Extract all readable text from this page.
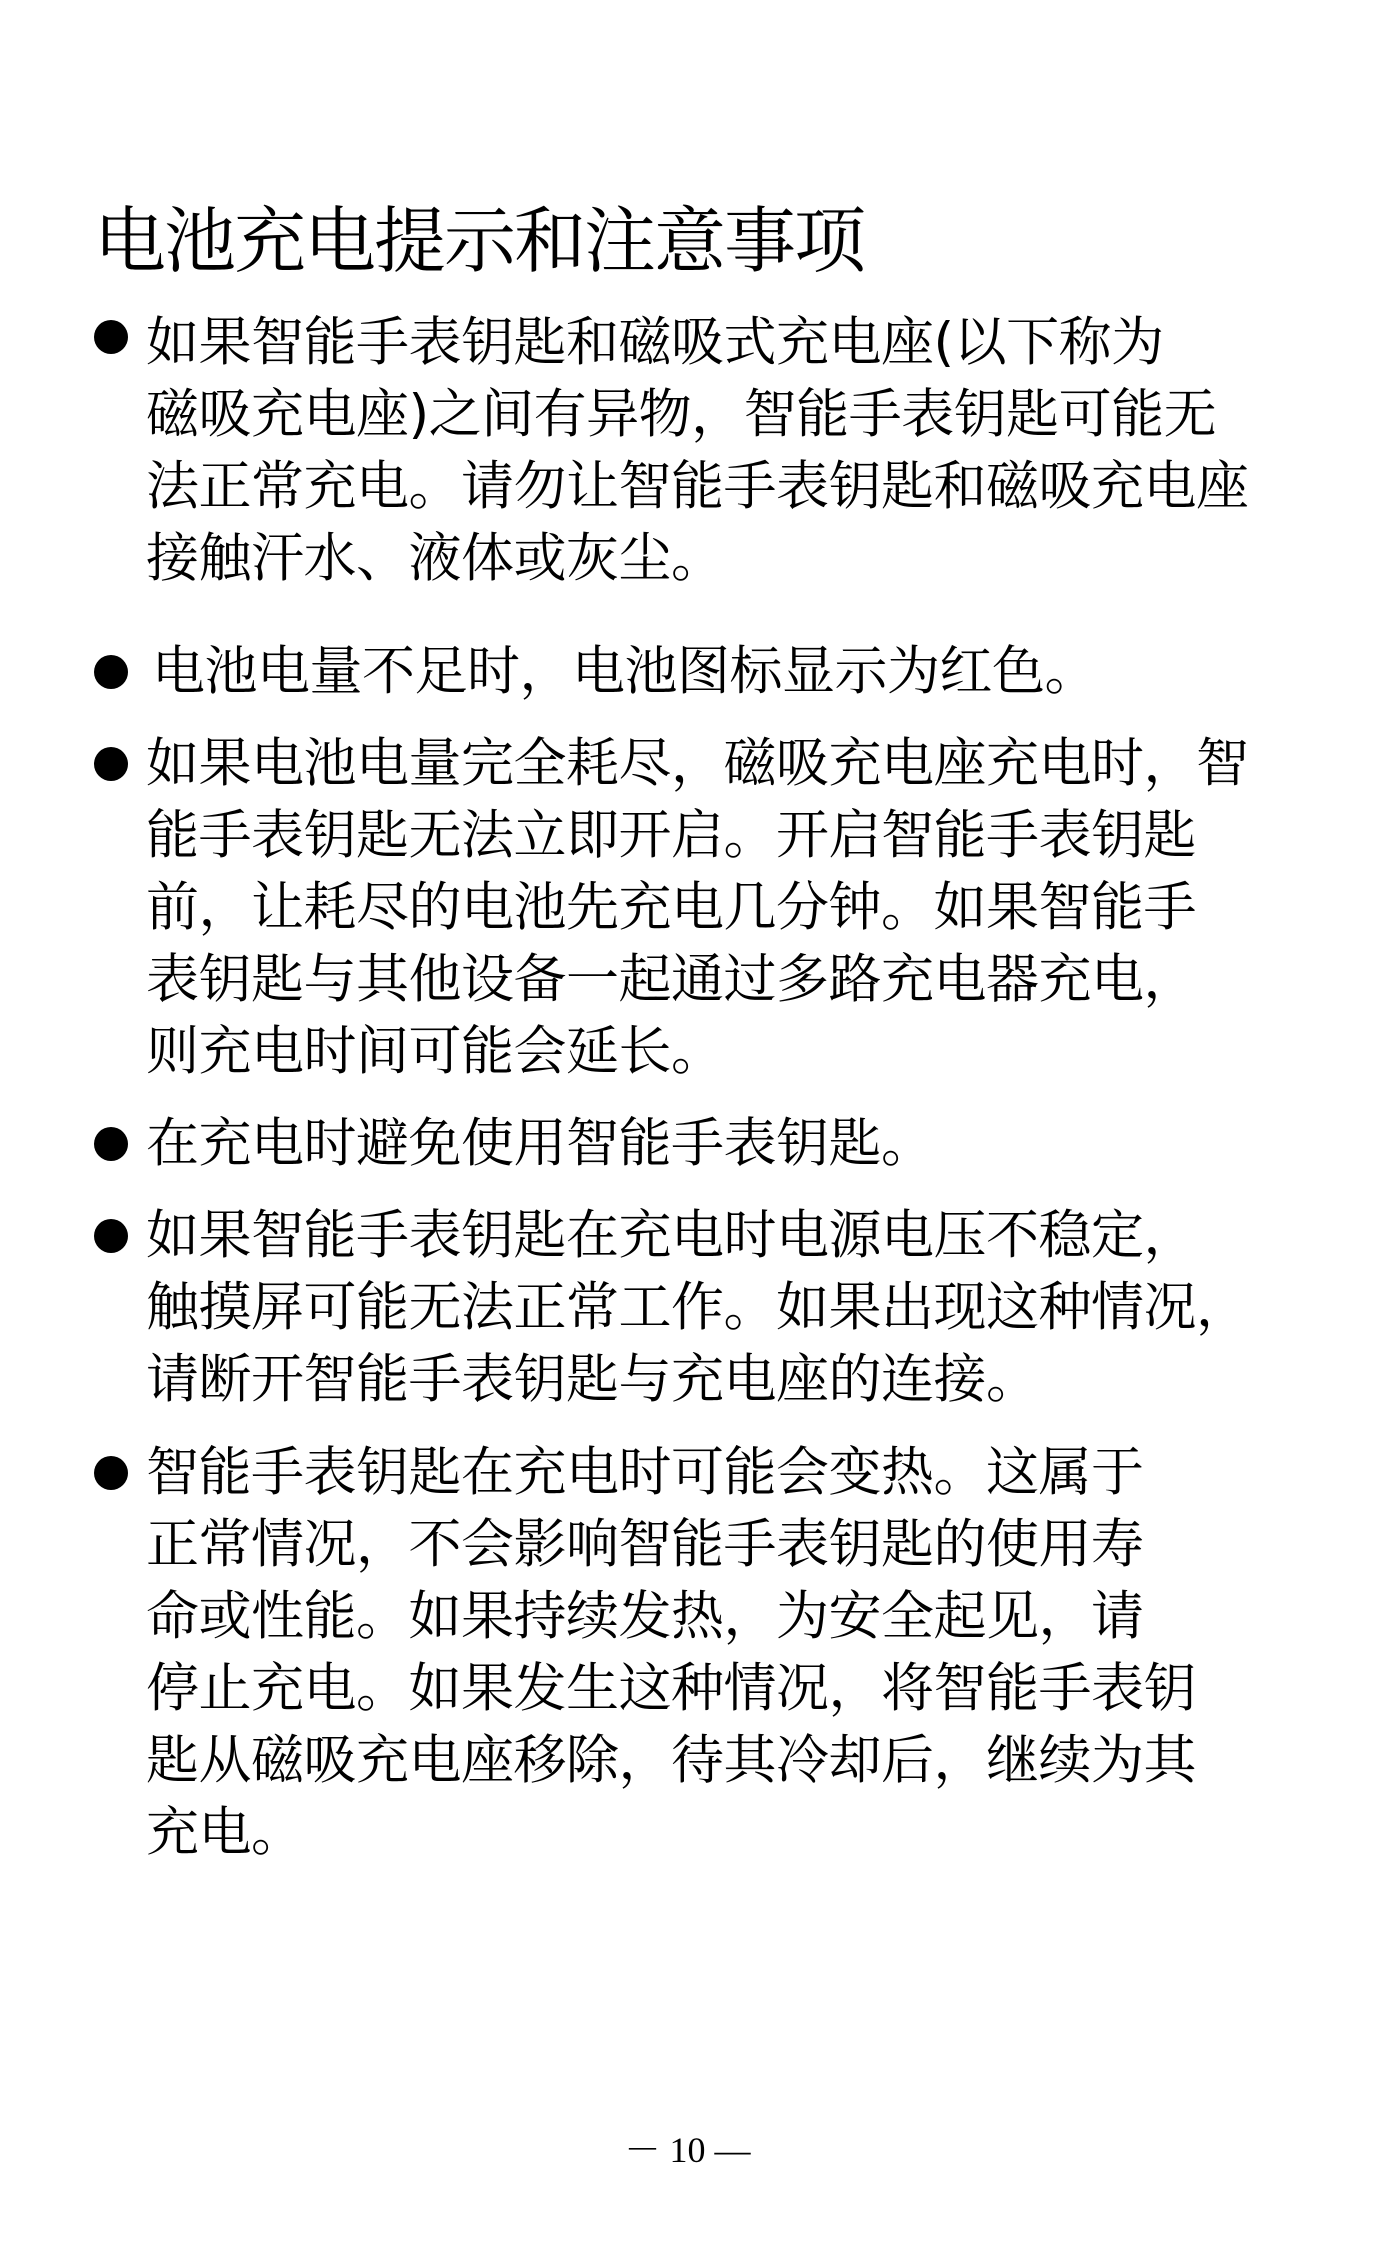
电池充电提示和注意事项
如果智能手表钥匙和磁吸式充电座(以下称为
磁吸充电座)之间有异物，智能手表钥匙可能无
法正常充电。请勿让智能手表钥匙和磁吸充电座
接触汗水、液体或灰尘。
电池电量不足时，电池图标显示为红色。
如果电池电量完全耗尽，磁吸充电座充电时，智
能手表钥匙无法立即开启。开启智能手表钥匙
前，让耗尽的电池先充电几分钟。如果智能手
表钥匙与其他设备一起通过多路充电器充电，
则充电时间可能会延长。
在充电时避免使用智能手表钥匙。
如果智能手表钥匙在充电时电源电压不稳定，
触摸屏可能无法正常工作。如果出现这种情况，
请断开智能手表钥匙与充电座的连接。
智能手表钥匙在充电时可能会变热。这属于
正常情况，不会影响智能手表钥匙的使用寿
命或性能。如果持续发热，为安全起见，请
停止充电。如果发生这种情况，将智能手表钥
匙从磁吸充电座移除，待其冷却后，继续为其
充电。
－ 10 —
